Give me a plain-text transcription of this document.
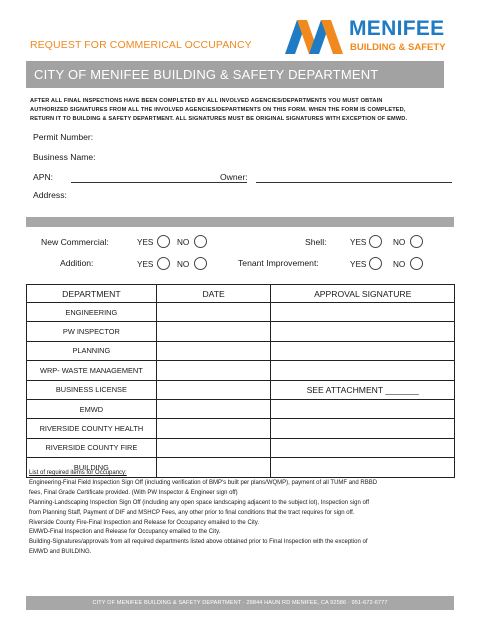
REQUEST FOR COMMERICAL OCCUPANCY
MENIFEE
BUILDING & SAFETY
CITY OF MENIFEE BUILDING & SAFETY DEPARTMENT
AFTER ALL FINAL INSPECTIONS HAVE BEEN COMPLETED BY ALL INVOLVED AGENCIES/DEPARTMENTS YOU MUST OBTAIN
AUTHORIZED SIGNATURES FROM ALL THE INVOLVED AGENCIES/DEPARTMENTS ON THIS FORM. WHEN THE FORM IS COMPLETED,
RETURN IT TO BUILDING & SAFETY DEPARTMENT. ALL SIGNATURES MUST BE ORIGINAL SIGNATURES WITH EXCEPTION OF EMWD.
Permit Number:
Business Name:
APN:	Owner:
Address:
New Commercial:	YES	NO
Addition:	YES	NO
Shell:	YES	NO
Tenant Improvement:	YES	NO
DEPARTMENT	DATE	APPROVAL SIGNATURE
ENGINEERING		
PW INSPECTOR		
PLANNING		
WRP- WASTE MANAGEMENT		
BUSINESS LICENSE		SEE ATTACHMENT _______
EMWD		
RIVERSIDE COUNTY HEALTH		
RIVERSIDE COUNTY FIRE		
BUILDING		
List of required items for Occupancy:
Engineering-Final Field Inspection Sign Off (including verification of BMP's built per plans/WQMP), payment of all TUMF and RBBD
fees, Final Grade Certificate provided. (With PW Inspector & Engineer sign off)
Planning-Landscaping Inspection Sign Off (including any open space landscaping adjacent to the subject lot), Inspection sign off
from Planning Staff, Payment of DIF and MSHCP Fees, any other prior to final conditions that the tract requires for sign off.
Riverside County Fire-Final Inspection and Release for Occupancy emailed to the City.
EMWD-Final Inspection and Release for Occupancy emailed to the City.
Building-Signatures/approvals from all required departments listed above obtained prior to Final Inspection with the exception of
EMWD and BUILDING.
CITY OF MENIFEE BUILDING & SAFETY DEPARTMENT · 29844 HAUN RD MENIFEE, CA 92586 · 951-672-6777
